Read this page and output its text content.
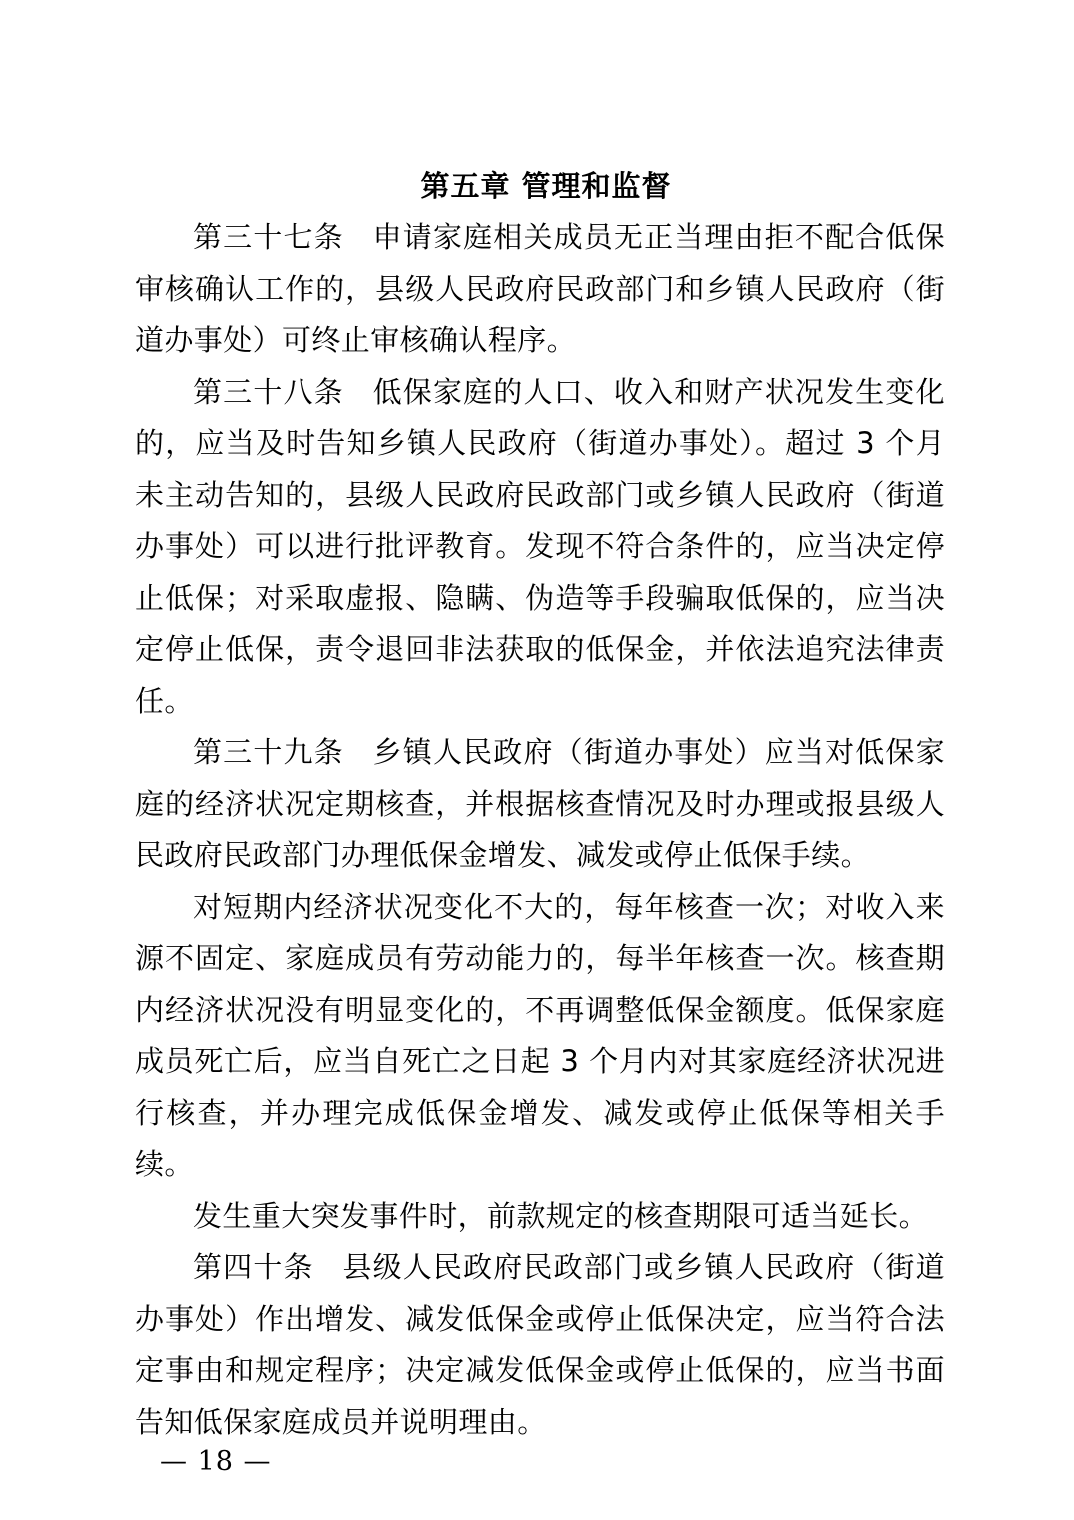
第五章 管理和监督

第三十七条 申请家庭相关成员无正当理由拒不配合低保审核确认工作的，县级人民政府民政部门和乡镇人民政府（街道办事处）可终止审核确认程序。

第三十八条 低保家庭的人口、收入和财产状况发生变化的，应当及时告知乡镇人民政府（街道办事处）。超过 3 个月未主动告知的，县级人民政府民政部门或乡镇人民政府（街道办事处）可以进行批评教育。发现不符合条件的，应当决定停止低保；对采取虚报、隐瞒、伪造等手段骗取低保的，应当决定停止低保，责令退回非法获取的低保金，并依法追究法律责任。

第三十九条 乡镇人民政府（街道办事处）应当对低保家庭的经济状况定期核查，并根据核查情况及时办理或报县级人民政府民政部门办理低保金增发、减发或停止低保手续。

对短期内经济状况变化不大的，每年核查一次；对收入来源不固定、家庭成员有劳动能力的，每半年核查一次。核查期内经济状况没有明显变化的，不再调整低保金额度。低保家庭成员死亡后，应当自死亡之日起 3 个月内对其家庭经济状况进行核查，并办理完成低保金增发、减发或停止低保等相关手续。

发生重大突发事件时，前款规定的核查期限可适当延长。

第四十条 县级人民政府民政部门或乡镇人民政府（街道办事处）作出增发、减发低保金或停止低保决定，应当符合法定事由和规定程序；决定减发低保金或停止低保的，应当书面告知低保家庭成员并说明理由。

— 18 —
